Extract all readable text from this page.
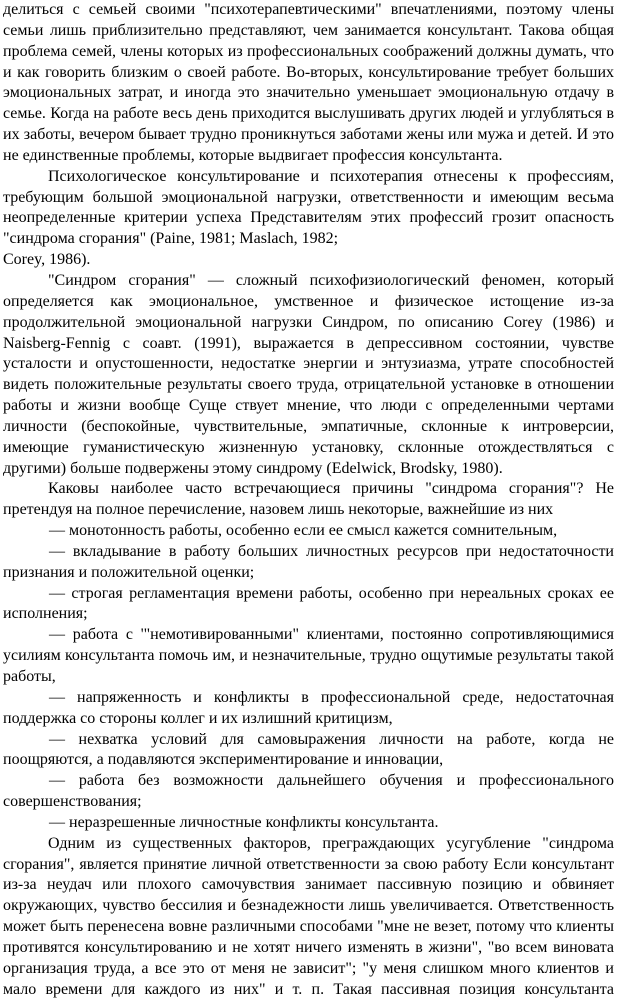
делиться с семьей своими "психотерапевтическими" впечатлениями, поэтому члены
семьи лишь приблизительно представляют, чем занимается консультант. Такова общая
проблема семей, члены которых из профессиональных соображений должны думать, что
и как говорить близким о своей работе. Во-вторых, консультирование требует больших
эмоциональных затрат, и иногда это значительно уменьшает эмоциональную отдачу в
семье. Когда на работе весь день приходится выслушивать других людей и углубляться в
их заботы, вечером бывает трудно проникнуться заботами жены или мужа и детей. И это
не единственные проблемы, которые выдвигает профессия консультанта.
Психологическое консультирование и психотерапия отнесены к профессиям,
требующим большой эмоциональной нагрузки, ответственности и имеющим весьма
неопределенные критерии успеха Представителям этих профессий грозит опасность
"синдрома сгорания" (Paine, 1981; Maslach, 1982;
Corey, 1986).
"Синдром сгорания" — сложный психофизиологический феномен, который
определяется как эмоциональное, умственное и физическое истощение из-за
продолжительной эмоциональной нагрузки Синдром, по описанию Corey (1986) и
Naisberg-Fennig с соавт. (1991), выражается в депрессивном состоянии, чувстве
усталости и опустошенности, недостатке энергии и энтузиазма, утрате способностей
видеть положительные результаты своего труда, отрицательной установке в отношении
работы и жизни вообще Суще ствует мнение, что люди с определенными чертами
личности (беспокойные, чувствительные, эмпатичные, склонные к интроверсии,
имеющие гуманистическую жизненную установку, склонные отождествляться с
другими) больше подвержены этому синдрому (Edelwick, Brodsky, 1980).
Каковы наиболее часто встречающиеся причины "синдрома сгорания"? Не
претендуя на полное перечисление, назовем лишь некоторые, важнейшие из них
— монотонность работы, особенно если ее смысл кажется сомнительным,
— вкладывание в работу больших личностных ресурсов при недостаточности
признания и положительной оценки;
— строгая регламентация времени работы, особенно при нереальных сроках ее
исполнения;
— работа с '"немотивированными" клиентами, постоянно сопротивляющимися
усилиям консультанта помочь им, и незначительные, трудно ощутимые результаты такой
работы,
— напряженность и конфликты в профессиональной среде, недостаточная
поддержка со стороны коллег и их излишний критицизм,
— нехватка условий для самовыражения личности на работе, когда не
поощряются, а подавляются экспериментирование и инновации,
— работа без возможности дальнейшего обучения и профессионального
совершенствования;
— неразрешенные личностные конфликты консультанта.
Одним из существенных факторов, преграждающих усугубление "синдрома
сгорания", является принятие личной ответственности за свою работу Если консультант
из-за неудач или плохого самочувствия занимает пассивную позицию и обвиняет
окружающих, чувство бессилия и безнадежности лишь увеличивается. Ответственность
может быть перенесена вовне различными способами "мне не везет, потому что клиенты
противятся консультированию и не хотят ничего изменять в жизни", "во всем виновата
организация труда, а все это от меня не зависит"; "у меня слишком много клиентов и
мало времени для каждого из них" и т. п. Такая пассивная позиция консультанта
